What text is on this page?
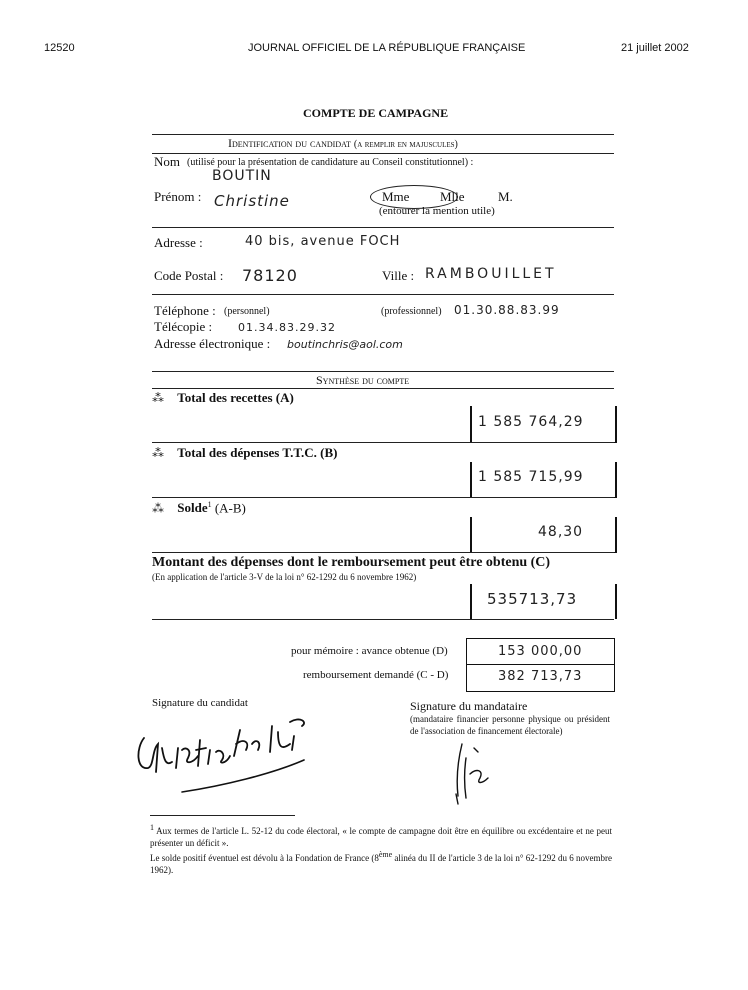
12520	JOURNAL OFFICIEL DE LA RÉPUBLIQUE FRANÇAISE	21 juillet 2002
COMPTE DE CAMPAGNE
Identification du candidat (a remplir en majuscules)
Nom (utilisé pour la présentation de candidature au Conseil constitutionnel) :
BOUTIN
Prénom : Christine	Mme Mlle	M.
(entourer la mention utile)
Adresse :	40 bis, avenue FOCH
Code Postal : 78120	Ville : RAMBOUILLET
Téléphone : (personnel)	(professionnel) 01.30.88.83.99
Télécopie : 01.34.83.29.32
Adresse électronique : boutinchris@aol.com
Synthèse du compte
⁂ Total des recettes (A)
1 585 764,29
⁂ Total des dépenses T.T.C. (B)
1 585 715,99
⁂ Solde$^1$ (A-B)
48,30
Montant des dépenses dont le remboursement peut être obtenu (C)
(En application de l'article 3-V de la loi n° 62-1292 du 6 novembre 1962)
535713,73
pour mémoire : avance obtenue (D)	153 000,00
remboursement demandé (C - D)	382 713,73
Signature du candidat	Signature du mandataire
(mandataire financier personne physique ou président de l'association de financement électorale)
$^1$ Aux termes de l'article L. 52-12 du code électoral, « le compte de campagne doit être en équilibre ou excédentaire et ne peut présenter un déficit ».
Le solde positif éventuel est dévolu à la Fondation de France (8ème alinéa du II de l'article 3 de la loi n° 62-1292 du 6 novembre 1962).
